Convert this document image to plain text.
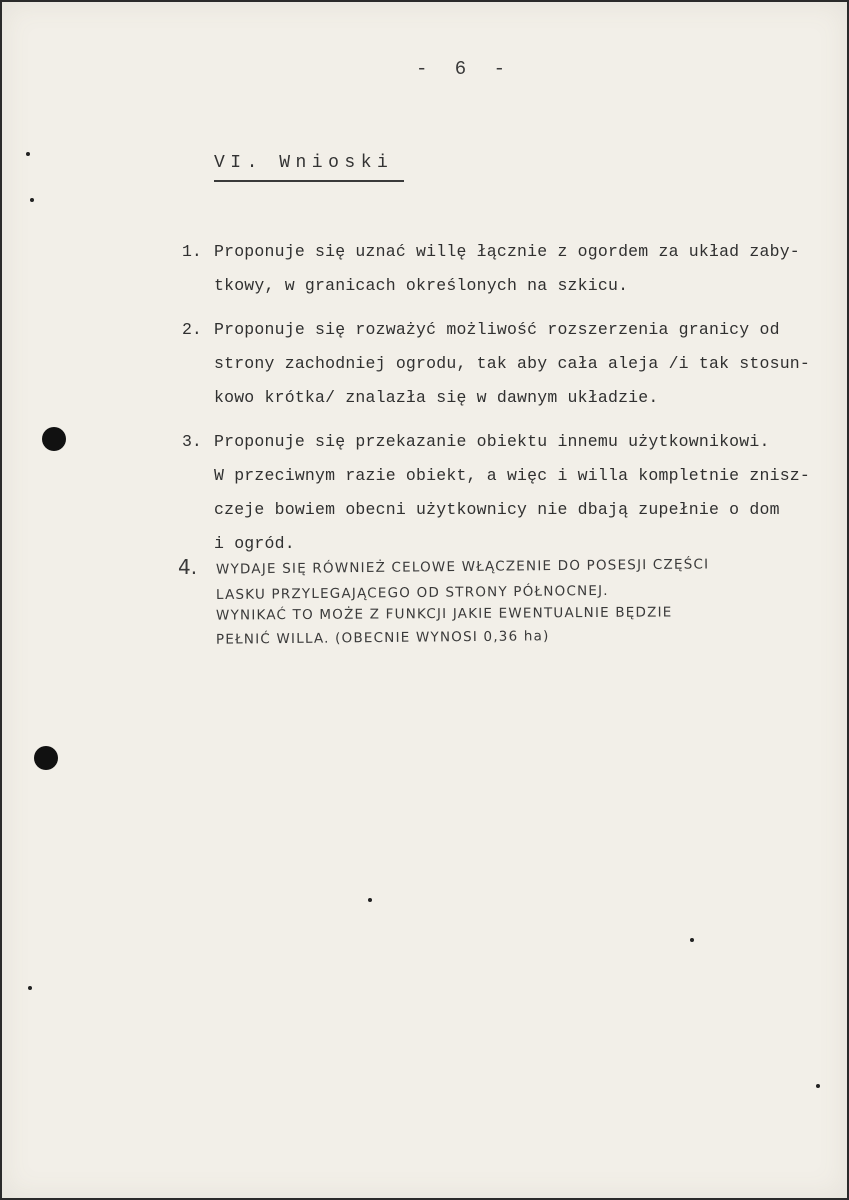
- 6 -
VI. Wnioski
1. Proponuje się uznać willę łącznie z ogordem za układ zaby-
tkowy, w granicach określonych na szkicu.
2. Proponuje się rozważyć możliwość rozszerzenia granicy od
strony zachodniej ogrodu, tak aby cała aleja /i tak stosun-
kowo krótka/ znalazła się w dawnym układzie.
3. Proponuje się przekazanie obiektu innemu użytkownikowi.
W przeciwnym razie obiekt, a więc i willa kompletnie znisz-
czeje bowiem obecni użytkownicy nie dbają zupełnie o dom
i ogród.
4. WYDAJE SIĘ RÓWNIEŻ CELOWE WŁĄCZENIE DO POSESJI CZĘŚCI
LASKU PRZYLEGAJĄCEGO OD STRONY PÓŁNOCNEJ.
WYNIKAĆ TO MOŻE Z FUNKCJI JAKIE EWENTUALNIE BĘDZIE
PEŁNIĆ WILLA. (OBECNIE WYNOSI 0,36 ha)
